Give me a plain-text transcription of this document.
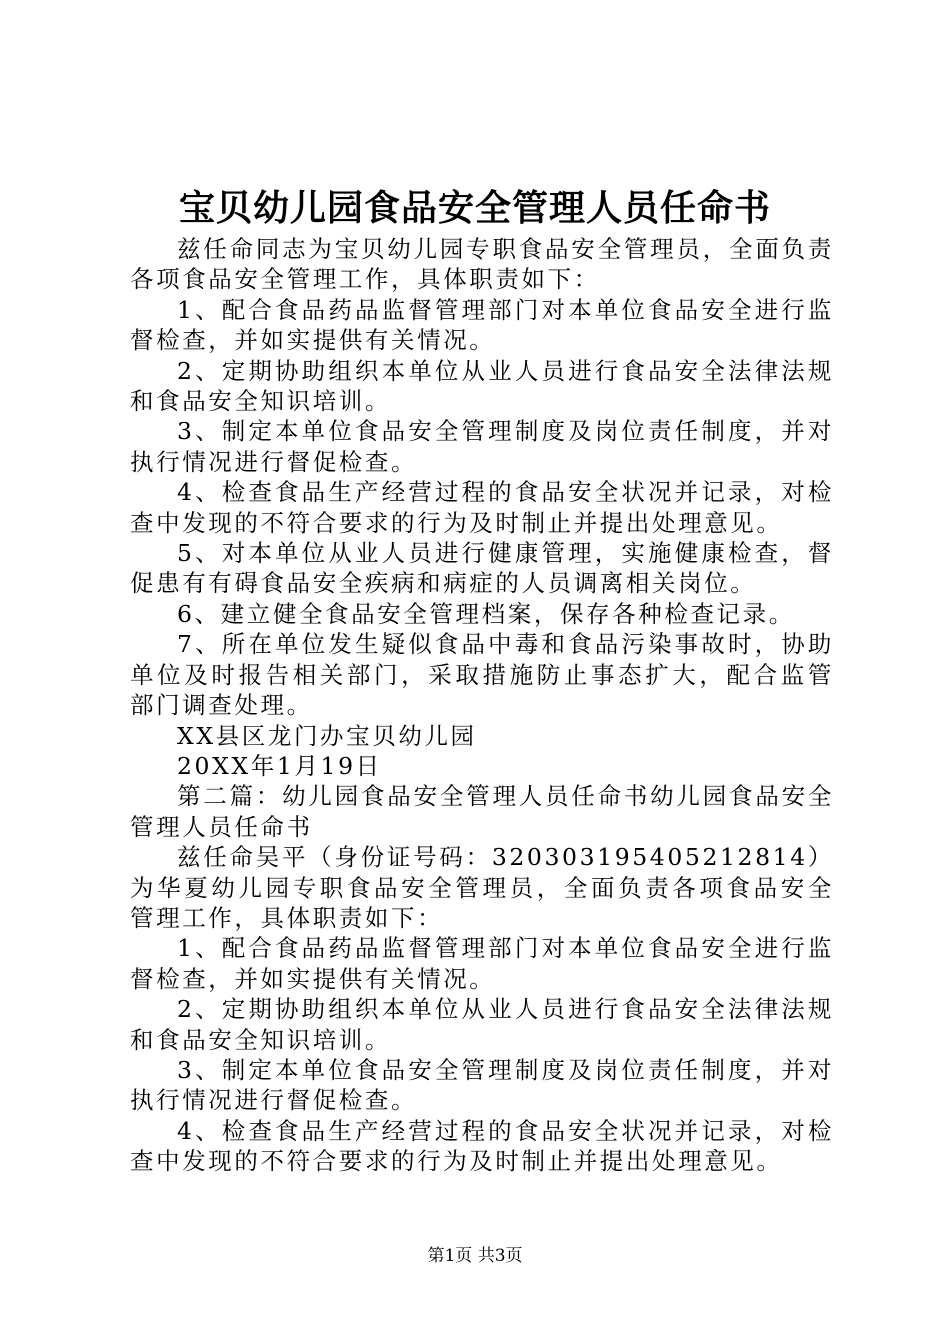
宝贝幼儿园食品安全管理人员任命书

兹任命同志为宝贝幼儿园专职食品安全管理员，全面负责各项食品安全管理工作，具体职责如下：

1、配合食品药品监督管理部门对本单位食品安全进行监督检查，并如实提供有关情况。

2、定期协助组织本单位从业人员进行食品安全法律法规和食品安全知识培训。

3、制定本单位食品安全管理制度及岗位责任制度，并对执行情况进行督促检查。

4、检查食品生产经营过程的食品安全状况并记录，对检查中发现的不符合要求的行为及时制止并提出处理意见。

5、对本单位从业人员进行健康管理，实施健康检查，督促患有有碍食品安全疾病和病症的人员调离相关岗位。

6、建立健全食品安全管理档案，保存各种检查记录。

7、所在单位发生疑似食品中毒和食品污染事故时，协助单位及时报告相关部门，采取措施防止事态扩大，配合监管部门调查处理。

XX县区龙门办宝贝幼儿园

20XX年1月19日

第二篇：幼儿园食品安全管理人员任命书幼儿园食品安全管理人员任命书

兹任命吴平（身份证号码：320303195405212814）为华夏幼儿园专职食品安全管理员，全面负责各项食品安全管理工作，具体职责如下：

1、配合食品药品监督管理部门对本单位食品安全进行监督检查，并如实提供有关情况。

2、定期协助组织本单位从业人员进行食品安全法律法规和食品安全知识培训。

3、制定本单位食品安全管理制度及岗位责任制度，并对执行情况进行督促检查。

4、检查食品生产经营过程的食品安全状况并记录，对检查中发现的不符合要求的行为及时制止并提出处理意见。

第1页 共3页
